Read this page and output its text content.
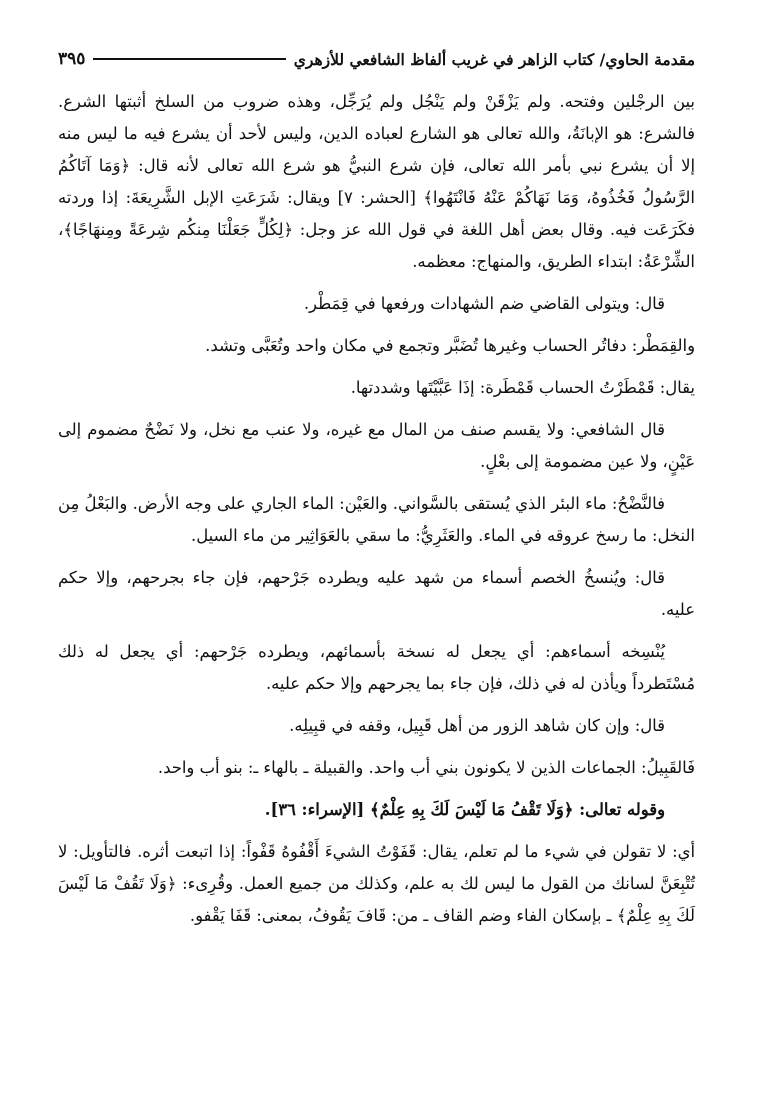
مقدمة الحاوي/ كتاب الزاهر في غريب ألفاظ الشافعي للأزهري
٣٩٥

بين الرجْلين وفتحه. ولم يَزْقَنْ ولم يَنْجُل ولم يُرَجِّل، وهذه ضروب من السلخ أثبتها الشرع. فالشرع: هو الإبانَةُ، والله تعالى هو الشارع لعباده الدين، وليس لأحد أن يشرع فيه ما ليس منه إلا أن يشرع نبي بأمر الله تعالى، فإن شرع النبيُّ هو شرع الله تعالى لأنه قال: ﴿وَمَا آتَاكُمُ الرَّسُولُ فَخُذُوهُ، وَمَا نَهَاكُمْ عَنْهُ فَانْتَهُوا﴾ [الحشر: ٧] ويقال: شَرَعَتِ الإبل الشَّرِيعَةَ: إذا وردته فكَرَعَت فيه. وقال بعض أهل اللغة في قول الله عز وجل: ﴿لِكُلٍّ جَعَلْنَا مِنكُم شِرعَةً ومِنهَاجًا﴾، الشِّرْعَةُ: ابتداء الطريق، والمنهاج: معظمه.

قال: ويتولى القاضي ضم الشهادات ورفعها في قِمَطْر.

والقِمَطْر: دفاتُر الحساب وغيرها تُضَبَّر وتجمع في مكان واحد وتُعَبَّى وتشد.

يقال: قَمْطَرْتُ الحساب قَمْطَرة: إذَا عَبَّيْتَها وشددتها.

قال الشافعي: ولا يقسم صنف من المال مع غيره، ولا عنب مع نخل، ولا نَضْحٌ مضموم إلى عَيْنٍ، ولا عين مضمومة إلى بعْلٍ.

فالنَّضْحُ: ماء البئر الذي يُستقى بالسَّواني. والعَيْن: الماء الجاري على وجه الأرض. والبَعْلُ مِن النخل: ما رسخ عروقه في الماء. والعَثَرِيُّ: ما سقي بالعَوَاثِير من ماء السيل.

قال: ويُنسخُ الخصم أسماء من شهد عليه ويطرده جَرْحهم، فإن جاء بجرحهم، وإلا حكم عليه.

يُنْسِخه أسماءهم: أي يجعل له نسخة بأسمائهم، ويطرده جَرْحهم: أي يجعل له ذلك مُسْتَطرداً ويأذن له في ذلك، فإن جاء بما يجرحهم وإلا حكم عليه.

قال: وإن كان شاهد الزور من أهل قَبِيل، وقفه في قبِيلِه.

فَالقَبِيلُ: الجماعات الذين لا يكونون بني أب واحد. والقبيلة ـ بالهاء ـ: بنو أب واحد.

وقوله تعالى: ﴿وَلَا تَقْفُ مَا لَيْسَ لَكَ بِهِ عِلْمٌ﴾ [الإسراء: ٣٦].

أي: لا تقولن في شيء ما لم تعلم، يقال: قَفَوْتُ الشيءَ أَقْفُوهُ قَفْواً: إذا اتبعت أثره. فالتأويل: لا تُتْبِعَنَّ لسانك من القول ما ليس لك به علم، وكذلك من جميع العمل. وقُرِىء: ﴿وَلَا تَقُفْ مَا لَيْسَ لَكَ بِهِ عِلْمٌ﴾ ـ بإسكان الفاء وضم القاف ـ من: قَافَ يَقُوفُ، بمعنى: قَفَا يَقْفو.
